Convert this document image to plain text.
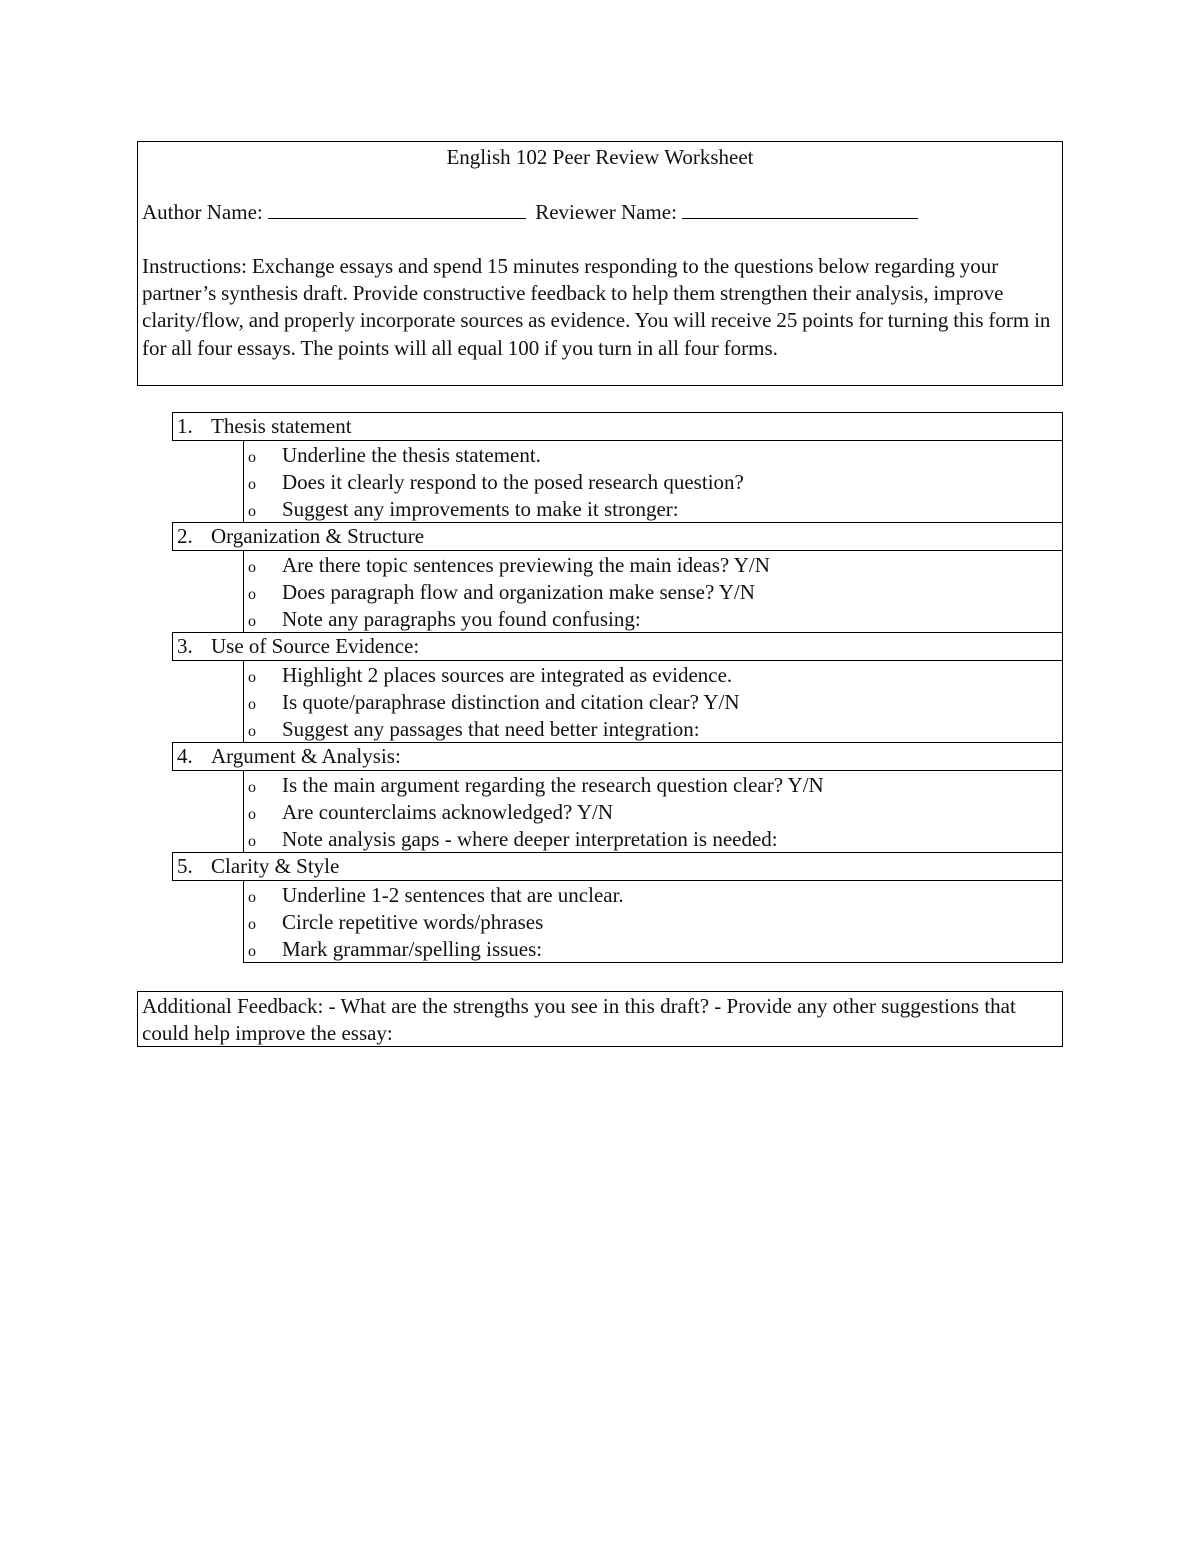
English 102 Peer Review Worksheet

Author Name:	Reviewer Name:
Instructions: Exchange essays and spend 15 minutes responding to the questions below regarding your partner’s synthesis draft. Provide constructive feedback to help them strengthen their analysis, improve clarity/flow, and properly incorporate sources as evidence. You will receive 25 points for turning this form in for all four essays. The points will all equal 100 if you turn in all four forms.
1. Thesis statement
o Underline the thesis statement.
o Does it clearly respond to the posed research question?
o Suggest any improvements to make it stronger:
2. Organization & Structure
o Are there topic sentences previewing the main ideas? Y/N
o Does paragraph flow and organization make sense? Y/N
o Note any paragraphs you found confusing:
3. Use of Source Evidence:
o Highlight 2 places sources are integrated as evidence.
o Is quote/paraphrase distinction and citation clear? Y/N
o Suggest any passages that need better integration:
4. Argument & Analysis:
o Is the main argument regarding the research question clear? Y/N
o Are counterclaims acknowledged? Y/N
o Note analysis gaps - where deeper interpretation is needed:
5. Clarity & Style
o Underline 1-2 sentences that are unclear.
o Circle repetitive words/phrases
o Mark grammar/spelling issues:
Additional Feedback: - What are the strengths you see in this draft? - Provide any other suggestions that could help improve the essay:
